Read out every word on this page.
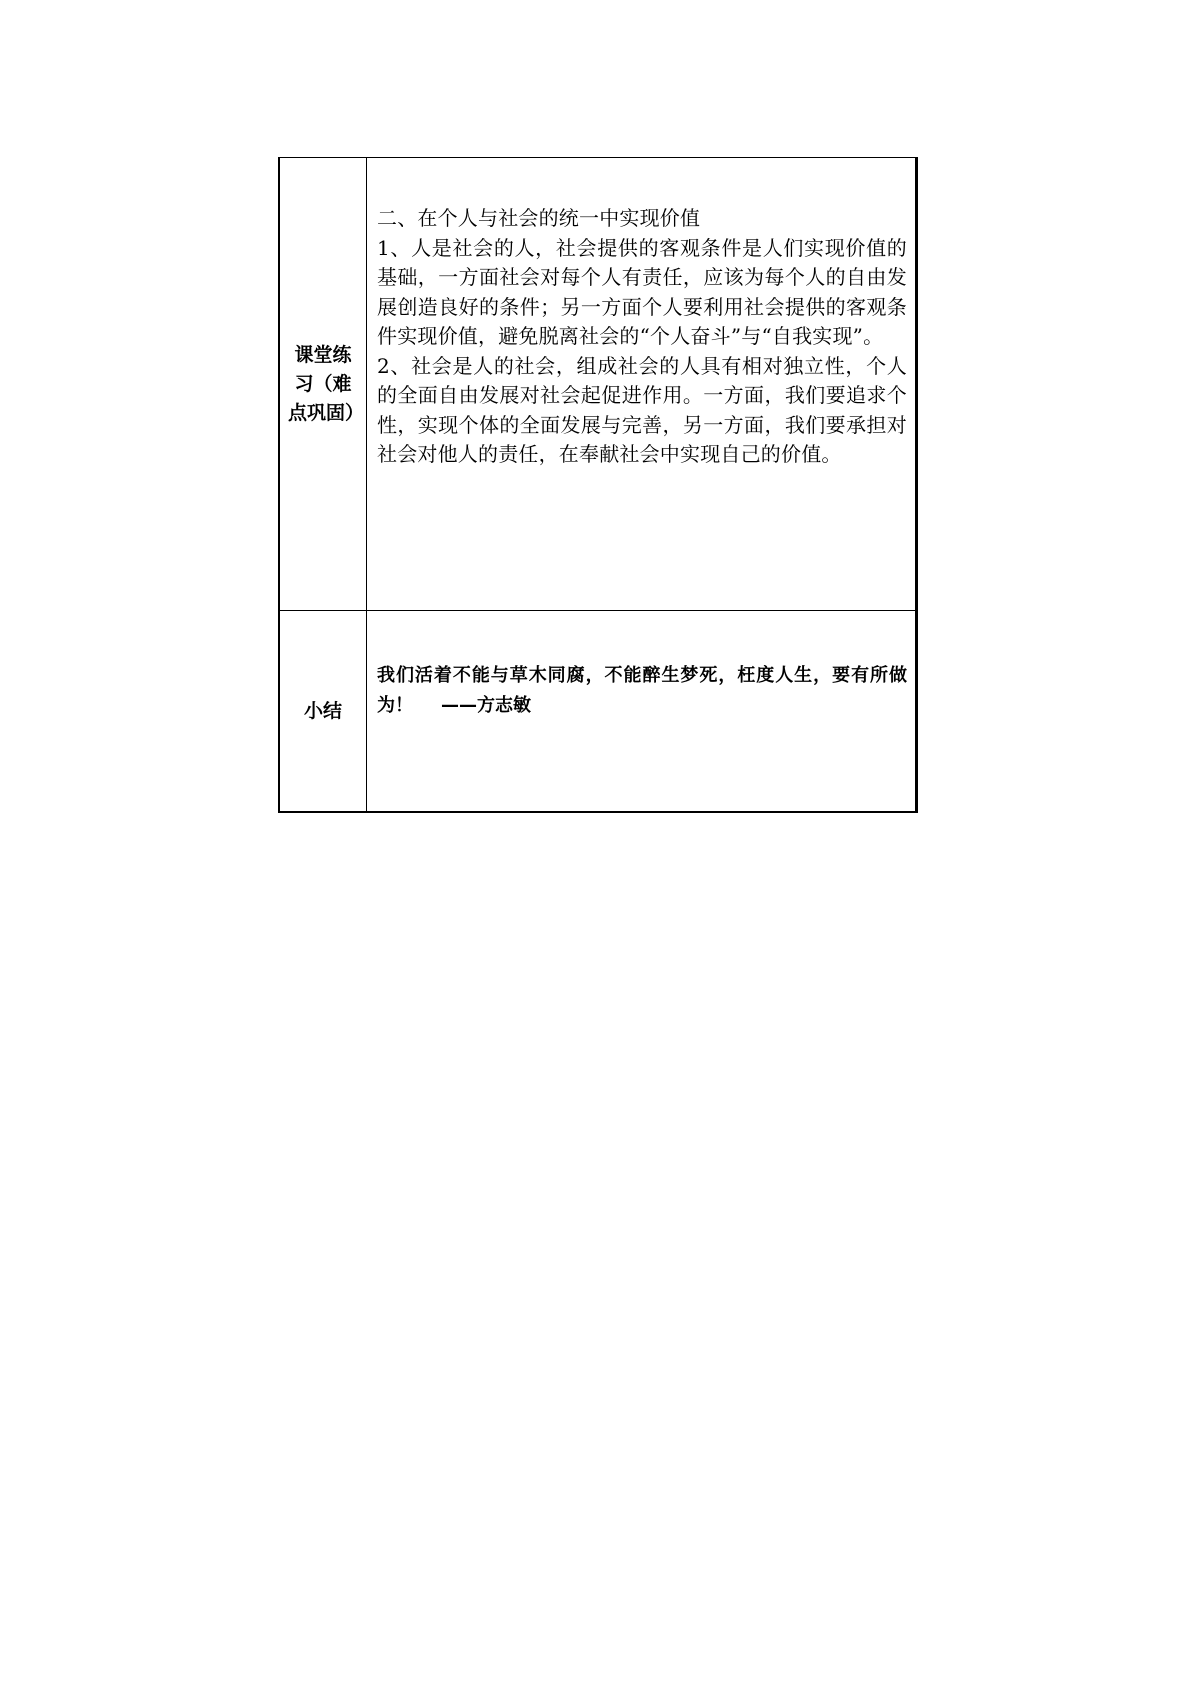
课堂练习（难点巩固）	二、在个人与社会的统一中实现价值

1、人是社会的人，社会提供的客观条件是人们实现价值的基础，一方面社会对每个人有责任，应该为每个人的自由发展创造良好的条件；另一方面个人要利用社会提供的客观条件实现价值，避免脱离社会的“个人奋斗”与“自我实现”。

2、社会是人的社会，组成社会的人具有相对独立性，个人的全面自由发展对社会起促进作用。一方面，我们要追求个性，实现个体的全面发展与完善，另一方面，我们要承担对社会对他人的责任，在奉献社会中实现自己的价值。

小结	我们活着不能与草木同腐，不能醉生梦死，枉度人生，要有所做为！ ——方志敏
